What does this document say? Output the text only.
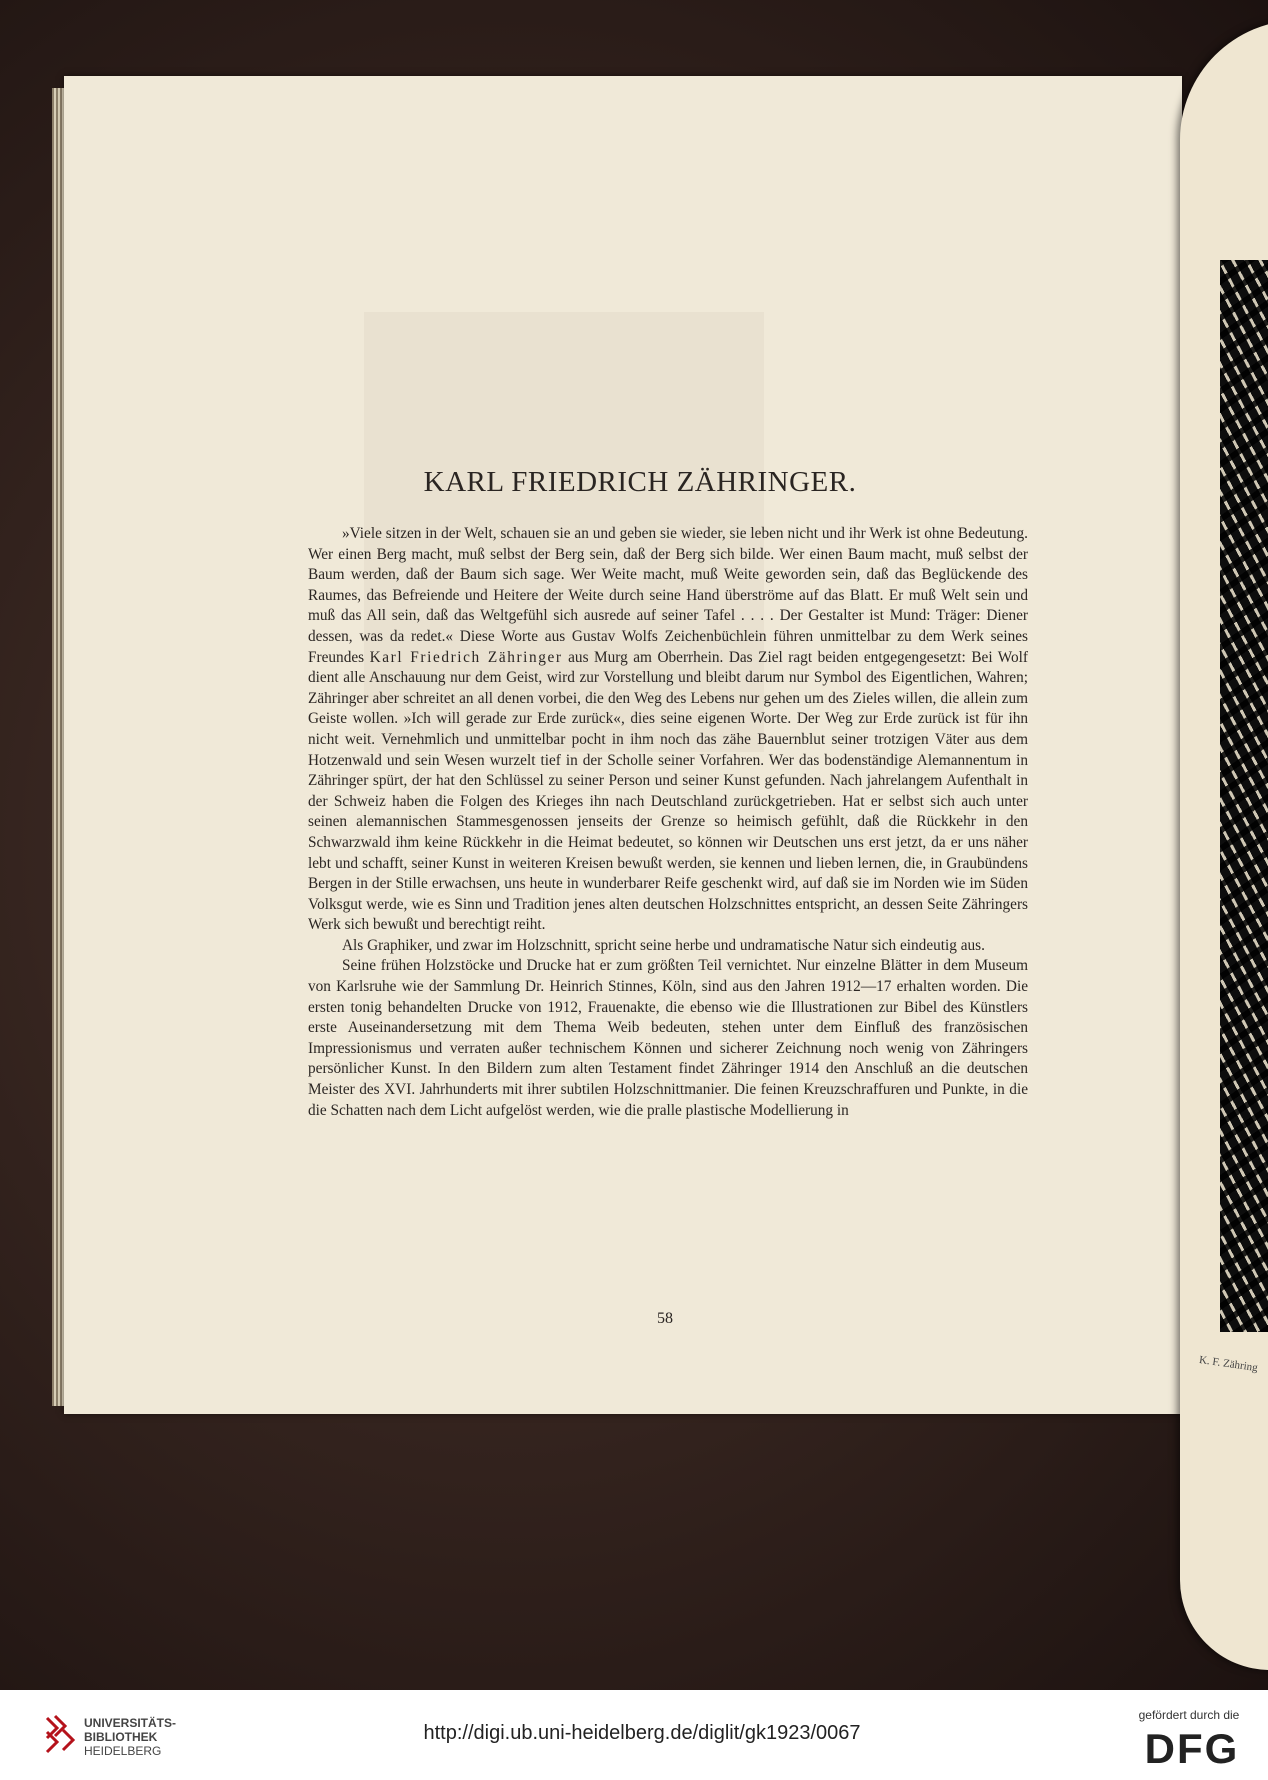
K. F. Zähring
KARL FRIEDRICH ZÄHRINGER.

»Viele sitzen in der Welt, schauen sie an und geben sie wieder, sie leben nicht und ihr Werk ist ohne Bedeutung. Wer einen Berg macht, muß selbst der Berg sein, daß der Berg sich bilde. Wer einen Baum macht, muß selbst der Baum werden, daß der Baum sich sage. Wer Weite macht, muß Weite geworden sein, daß das Beglückende des Raumes, das Befreiende und Heitere der Weite durch seine Hand überströme auf das Blatt. Er muß Welt sein und muß das All sein, daß das Weltgefühl sich ausrede auf seiner Tafel . . . . Der Gestalter ist Mund: Träger: Diener dessen, was da redet.« Diese Worte aus Gustav Wolfs Zeichenbüchlein führen unmittelbar zu dem Werk seines Freundes Karl Friedrich Zähringer aus Murg am Oberrhein. Das Ziel ragt beiden entgegengesetzt: Bei Wolf dient alle Anschauung nur dem Geist, wird zur Vorstellung und bleibt darum nur Symbol des Eigentlichen, Wahren; Zähringer aber schreitet an all denen vorbei, die den Weg des Lebens nur gehen um des Zieles willen, die allein zum Geiste wollen. »Ich will gerade zur Erde zurück«, dies seine eigenen Worte. Der Weg zur Erde zurück ist für ihn nicht weit. Vernehmlich und unmittelbar pocht in ihm noch das zähe Bauernblut seiner trotzigen Väter aus dem Hotzenwald und sein Wesen wurzelt tief in der Scholle seiner Vorfahren. Wer das bodenständige Alemannentum in Zähringer spürt, der hat den Schlüssel zu seiner Person und seiner Kunst gefunden. Nach jahrelangem Aufenthalt in der Schweiz haben die Folgen des Krieges ihn nach Deutschland zurückgetrieben. Hat er selbst sich auch unter seinen alemannischen Stammesgenossen jenseits der Grenze so heimisch gefühlt, daß die Rückkehr in den Schwarzwald ihm keine Rückkehr in die Heimat bedeutet, so können wir Deutschen uns erst jetzt, da er uns näher lebt und schafft, seiner Kunst in weiteren Kreisen bewußt werden, sie kennen und lieben lernen, die, in Graubündens Bergen in der Stille erwachsen, uns heute in wunderbarer Reife geschenkt wird, auf daß sie im Norden wie im Süden Volksgut werde, wie es Sinn und Tradition jenes alten deutschen Holzschnittes entspricht, an dessen Seite Zähringers Werk sich bewußt und berechtigt reiht.

Als Graphiker, und zwar im Holzschnitt, spricht seine herbe und undramatische Natur sich eindeutig aus.

Seine frühen Holzstöcke und Drucke hat er zum größten Teil vernichtet. Nur einzelne Blätter in dem Museum von Karlsruhe wie der Sammlung Dr. Heinrich Stinnes, Köln, sind aus den Jahren 1912—17 erhalten worden. Die ersten tonig behandelten Drucke von 1912, Frauenakte, die ebenso wie die Illustrationen zur Bibel des Künstlers erste Auseinandersetzung mit dem Thema Weib bedeuten, stehen unter dem Einfluß des französischen Impressionismus und verraten außer technischem Können und sicherer Zeichnung noch wenig von Zähringers persönlicher Kunst. In den Bildern zum alten Testament findet Zähringer 1914 den Anschluß an die deutschen Meister des XVI. Jahrhunderts mit ihrer subtilen Holzschnittmanier. Die feinen Kreuzschraffuren und Punkte, in die die Schatten nach dem Licht aufgelöst werden, wie die pralle plastische Modellierung in

58
UNIVERSITÄTS-
BIBLIOTHEK
HEIDELBERG
http://digi.ub.uni-heidelberg.de/diglit/gk1923/0067
gefördert durch die
DFG
